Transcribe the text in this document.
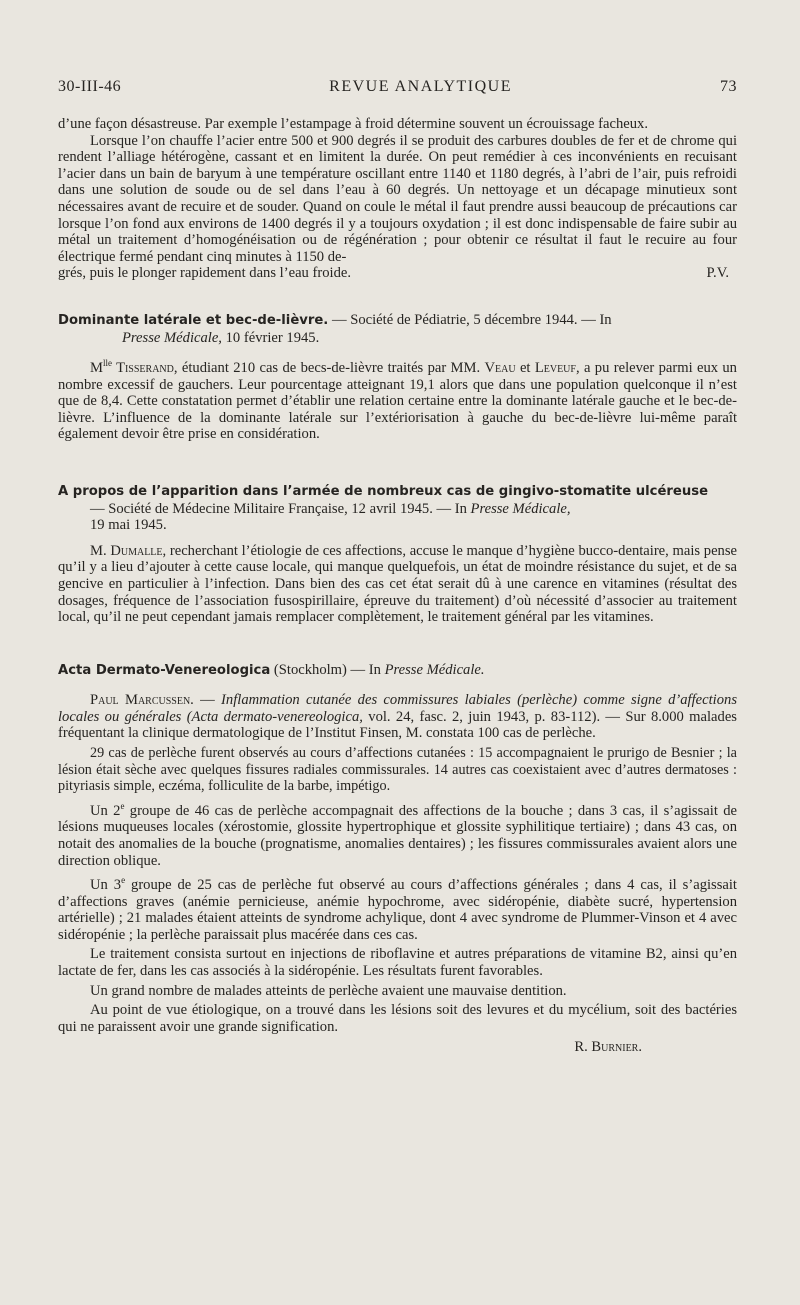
30-III-46	REVUE ANALYTIQUE	73

d’une façon désastreuse. Par exemple l’estampage à froid détermine souvent un écrouissage facheux.

Lorsque l’on chauffe l’acier entre 500 et 900 degrés il se produit des carbures doubles de fer et de chrome qui rendent l’alliage hétérogène, cassant et en limitent la durée. On peut remédier à ces inconvénients en recuisant l’acier dans un bain de baryum à une température oscillant entre 1140 et 1180 degrés, à l’abri de l’air, puis refroidi dans une solution de soude ou de sel dans l’eau à 60 degrés. Un nettoyage et un décapage minutieux sont nécessaires avant de recuire et de souder. Quand on coule le métal il faut prendre aussi beaucoup de précautions car lorsque l’on fond aux environs de 1400 degrés il y a toujours oxydation ; il est donc indispensable de faire subir au métal un traitement d’homogénéisation ou de régénération ; pour obtenir ce résultat il faut le recuire au four électrique fermé pendant cinq minutes à 1150 de-

grés, puis le plonger rapidement dans l’eau froide.	P.V.

Dominante latérale et bec-de-lièvre. — Société de Pédiatrie, 5 décembre 1944. — In
Presse Médicale, 10 février 1945.

$M^{lle}$ Tisserand, étudiant 210 cas de becs-de-lièvre traités par MM. Veau et Leveuf, a pu relever parmi eux un nombre excessif de gauchers. Leur pourcentage atteignant 19,1 alors que dans une population quelconque il n’est que de 8,4. Cette constatation permet d’établir une relation certaine entre la dominante latérale gauche et le bec-de-lièvre. L’influence de la dominante latérale sur l’extériorisation à gauche du bec-de-lièvre lui-même paraît également devoir être prise en considération.

A propos de l’apparition dans l’armée de nombreux cas de gingivo-stomatite ulcéreuse
— Société de Médecine Militaire Française, 12 avril 1945. — In Presse Médicale,
19 mai 1945.

M. Dumalle, recherchant l’étiologie de ces affections, accuse le manque d’hygiène bucco-dentaire, mais pense qu’il y a lieu d’ajouter à cette cause locale, qui manque quelquefois, un état de moindre résistance du sujet, et de sa gencive en particulier à l’infection. Dans bien des cas cet état serait dû à une carence en vitamines (résultat des dosages, fréquence de l’association fusospirillaire, épreuve du traitement) d’où nécessité d’associer au traitement local, qu’il ne peut cependant jamais remplacer complètement, le traitement général par les vitamines.

Acta Dermato-Venereologica (Stockholm) — In Presse Médicale.

Paul Marcussen. — Inflammation cutanée des commissures labiales (perlèche) comme signe d’affections locales ou générales (Acta dermato-venereologica, vol. 24, fasc. 2, juin 1943, p. 83-112). — Sur 8.000 malades fréquentant la clinique dermatologique de l’Institut Finsen, M. constata 100 cas de perlèche.

29 cas de perlèche furent observés au cours d’affections cutanées : 15 accompagnaient le prurigo de Besnier ; la lésion était sèche avec quelques fissures radiales commissurales. 14 autres cas coexistaient avec d’autres dermatoses : pityriasis simple, eczéma, folliculite de la barbe, impétigo.

Un 2e groupe de 46 cas de perlèche accompagnait des affections de la bouche ; dans 3 cas, il s’agissait de lésions muqueuses locales (xérostomie, glossite hypertrophique et glossite syphilitique tertiaire) ; dans 43 cas, on notait des anomalies de la bouche (prognatisme, anomalies dentaires) ; les fissures commissurales avaient alors une direction oblique.

Un 3e groupe de 25 cas de perlèche fut observé au cours d’affections générales ; dans 4 cas, il s’agissait d’affections graves (anémie pernicieuse, anémie hypochrome, avec sidéropénie, diabète sucré, hypertension artérielle) ; 21 malades étaient atteints de syndrome achylique, dont 4 avec syndrome de Plummer-Vinson et 4 avec sidéropénie ; la perlèche paraissait plus macérée dans ces cas.

Le traitement consista surtout en injections de riboflavine et autres préparations de vitamine B2, ainsi qu’en lactate de fer, dans les cas associés à la sidéropénie. Les résultats furent favorables.

Un grand nombre de malades atteints de perlèche avaient une mauvaise dentition.

Au point de vue étiologique, on a trouvé dans les lésions soit des levures et du mycélium, soit des bactéries qui ne paraissent avoir une grande signification.

R. Burnier.
